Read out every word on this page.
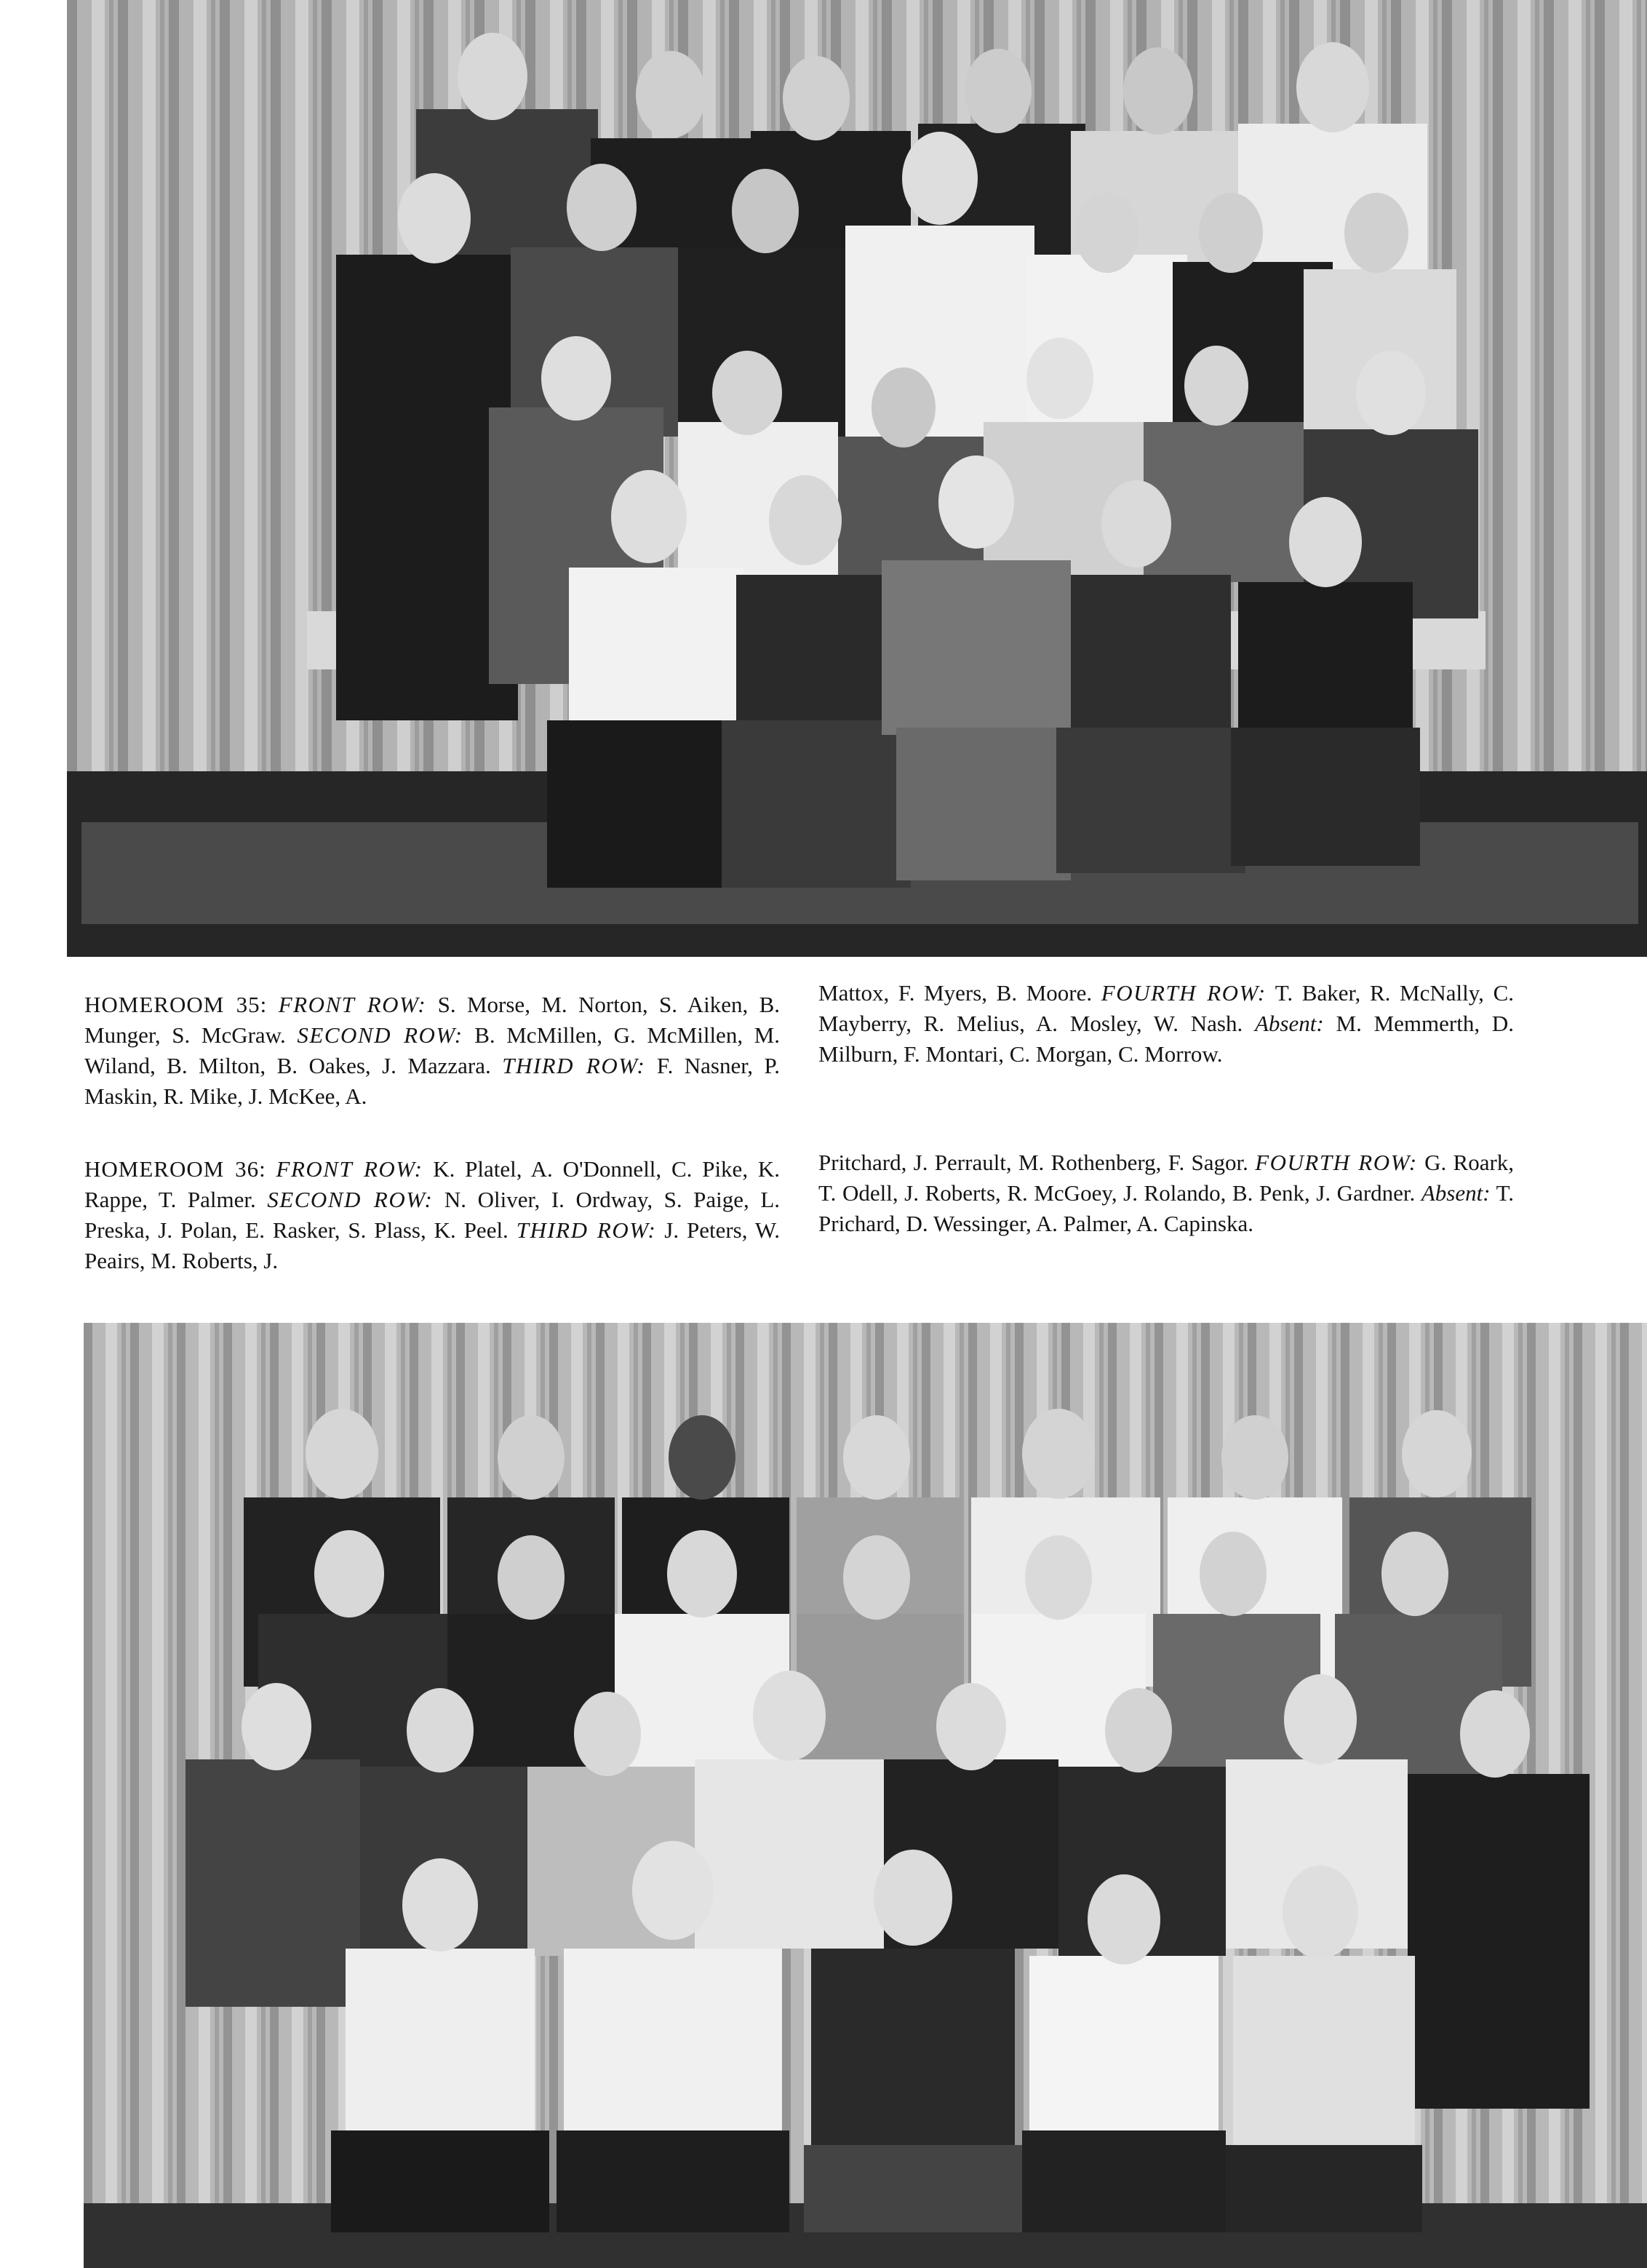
HOMEROOM 35: FRONT ROW: S. Morse, M. Norton, S. Aiken, B. Munger, S. McGraw. SECOND ROW: B. McMillen, G. McMillen, M. Wiland, B. Milton, B. Oakes, J. Mazzara. THIRD ROW: F. Nasner, P. Maskin, R. Mike, J. McKee, A.
Mattox, F. Myers, B. Moore. FOURTH ROW: T. Baker, R. McNally, C. Mayberry, R. Melius, A. Mosley, W. Nash. Absent: M. Memmerth, D. Milburn, F. Montari, C. Morgan, C. Morrow.
HOMEROOM 36: FRONT ROW: K. Platel, A. O'Donnell, C. Pike, K. Rappe, T. Palmer. SECOND ROW: N. Oliver, I. Ordway, S. Paige, L. Preska, J. Polan, E. Rasker, S. Plass, K. Peel. THIRD ROW: J. Peters, W. Peairs, M. Roberts, J.
Pritchard, J. Perrault, M. Rothenberg, F. Sagor. FOURTH ROW: G. Roark, T. Odell, J. Roberts, R. McGoey, J. Rolando, B. Penk, J. Gardner. Absent: T. Prichard, D. Wessinger, A. Palmer, A. Capinska.
